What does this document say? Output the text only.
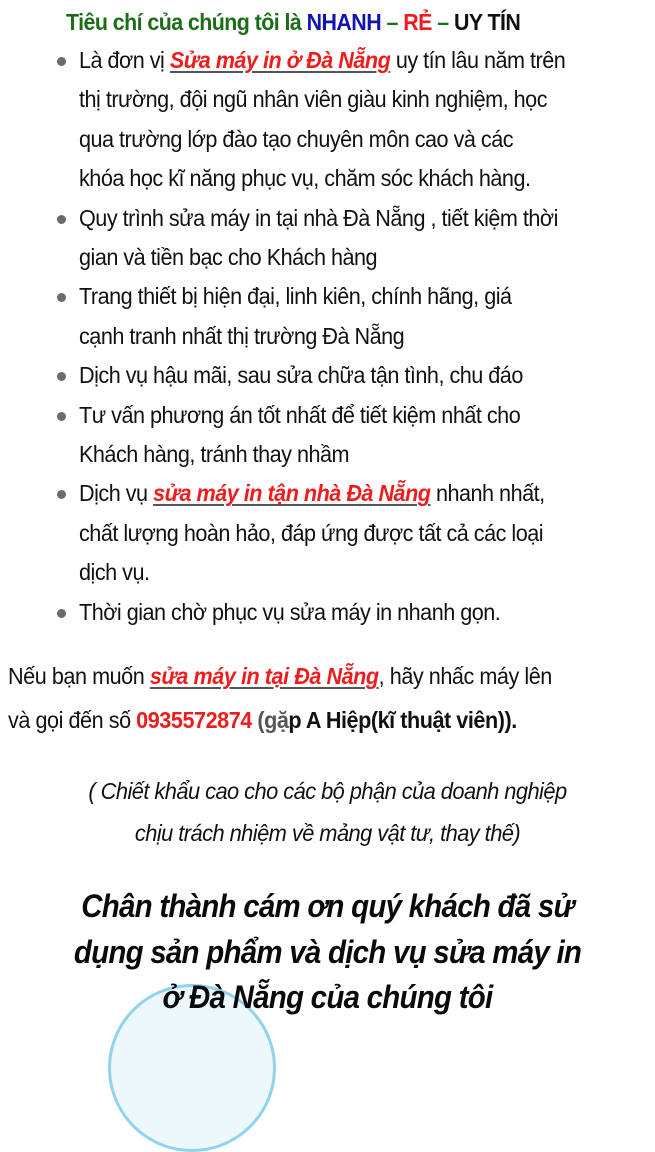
Tiêu chí của chúng tôi là NHANH – RẺ – UY TÍN
Là đơn vị Sửa máy in ở Đà Nẵng uy tín lâu năm trên
thị trường, đội ngũ nhân viên giàu kinh nghiệm, học
qua trường lớp đào tạo chuyên môn cao và các
khóa học kĩ năng phục vụ, chăm sóc khách hàng.
Quy trình sửa máy in tại nhà Đà Nẵng , tiết kiệm thời
gian và tiền bạc cho Khách hàng
Trang thiết bị hiện đại, linh kiên, chính hãng, giá
cạnh tranh nhất thị trường Đà Nẵng
Dịch vụ hậu mãi, sau sửa chữa tận tình, chu đáo
Tư vấn phương án tốt nhất để tiết kiệm nhất cho
Khách hàng, tránh thay nhầm
Dịch vụ sửa máy in tận nhà Đà Nẵng nhanh nhất,
chất lượng hoàn hảo, đáp ứng được tất cả các loại
dịch vụ.
Thời gian chờ phục vụ sửa máy in nhanh gọn.
Nếu bạn muốn sửa máy in tại Đà Nẵng, hãy nhấc máy lên
và gọi đến số 0935572874 (gặp A Hiệp(kĩ thuật viên)).
( Chiết khẩu cao cho các bộ phận của doanh nghiệp
chịu trách nhiệm về mảng vật tư, thay thế)
Chân thành cám ơn quý khách đã sử
dụng sản phẩm và dịch vụ sửa máy in
ở Đà Nẵng của chúng tôi
